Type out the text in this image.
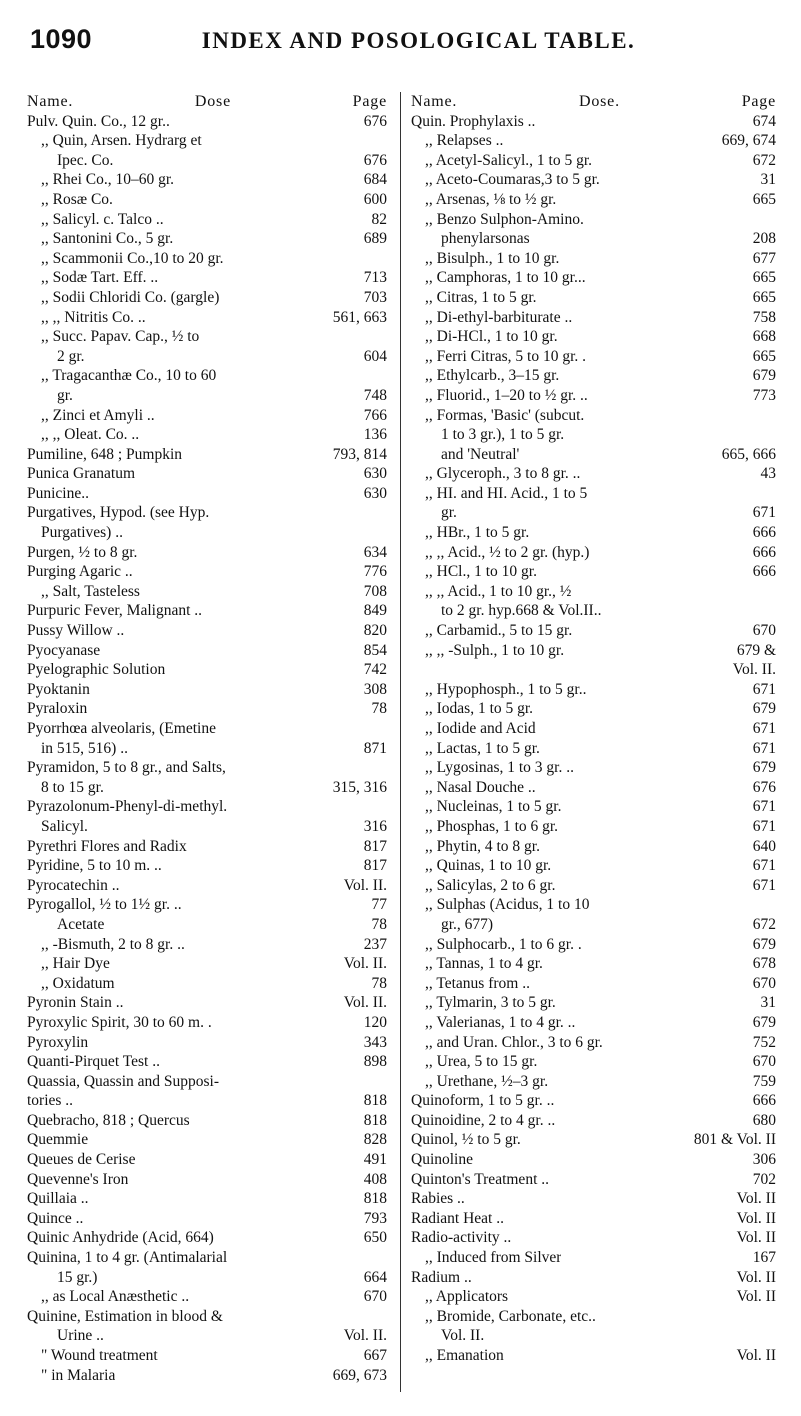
1090	INDEX AND POSOLOGICAL TABLE.
Name.	Dose	Page
Pulv. Quin. Co., 12 gr..	676
,, Quin, Arsen. Hydrarg et
Ipec. Co.	676
,, Rhei Co., 10–60 gr.	684
,, Rosæ Co.	600
,, Salicyl. c. Talco ..	82
,, Santonini Co., 5 gr.	689
,, Scammonii Co.,10 to 20 gr.
,, Sodæ Tart. Eff. ..	713
,, Sodii Chloridi Co. (gargle)	703
,, ,, Nitritis Co. ..	561, 663
,, Succ. Papav. Cap., ½ to
2 gr.	604
,, Tragacanthæ Co., 10 to 60
gr.	748
,, Zinci et Amyli ..	766
,, ,, Oleat. Co. ..	136
Pumiline, 648 ; Pumpkin	793, 814
Punica Granatum	630
Punicine..	630
Purgatives, Hypod. (see Hyp.
Purgatives) ..
Purgen, ½ to 8 gr.	634
Purging Agaric ..	776
,, Salt, Tasteless	708
Purpuric Fever, Malignant ..	849
Pussy Willow ..	820
Pyocyanase	854
Pyelographic Solution	742
Pyoktanin	308
Pyraloxin	78
Pyorrhœa alveolaris, (Emetine
in 515, 516) ..	871
Pyramidon, 5 to 8 gr., and Salts,
8 to 15 gr.	315, 316
Pyrazolonum-Phenyl-di-methyl.
Salicyl.	316
Pyrethri Flores and Radix	817
Pyridine, 5 to 10 m. ..	817
Pyrocatechin ..	Vol. II.
Pyrogallol, ½ to 1½ gr. ..	77
Acetate	78
,, -Bismuth, 2 to 8 gr. ..	237
,, Hair Dye	Vol. II.
,, Oxidatum	78
Pyronin Stain ..	Vol. II.
Pyroxylic Spirit, 30 to 60 m. .	120
Pyroxylin	343
Quanti-Pirquet Test ..	898
Quassia, Quassin and Supposi-
tories ..	818
Quebracho, 818 ; Quercus	818
Quemmie	828
Queues de Cerise	491
Quevenne's Iron	408
Quillaia ..	818
Quince ..	793
Quinic Anhydride (Acid, 664)	650
Quinina, 1 to 4 gr. (Antimalarial
15 gr.)	664
,, as Local Anæsthetic ..	670
Quinine, Estimation in blood &
Urine ..	Vol. II.
" Wound treatment	667
" in Malaria	669, 673
Name.	Dose.	Page
Quin. Prophylaxis ..	674
,, Relapses ..	669, 674
,, Acetyl-Salicyl., 1 to 5 gr.	672
,, Aceto-Coumaras,3 to 5 gr.	31
,, Arsenas, ⅛ to ½ gr.	665
,, Benzo Sulphon-Amino.
phenylarsonas	208
,, Bisulph., 1 to 10 gr.	677
,, Camphoras, 1 to 10 gr...	665
,, Citras, 1 to 5 gr.	665
,, Di-ethyl-barbiturate ..	758
,, Di-HCl., 1 to 10 gr.	668
,, Ferri Citras, 5 to 10 gr. .	665
,, Ethylcarb., 3–15 gr.	679
,, Fluorid., 1–20 to ½ gr. ..	773
,, Formas, 'Basic' (subcut.
1 to 3 gr.), 1 to 5 gr.
and 'Neutral'	665, 666
,, Glyceroph., 3 to 8 gr. ..	43
,, HI. and HI. Acid., 1 to 5
gr.	671
,, HBr., 1 to 5 gr.	666
,, ,, Acid., ½ to 2 gr. (hyp.)	666
,, HCl., 1 to 10 gr.	666
,, ,, Acid., 1 to 10 gr., ½
to 2 gr. hyp.668 & Vol.II..
,, Carbamid., 5 to 15 gr.	670
,, ,, -Sulph., 1 to 10 gr.	679 &
Vol. II.
,, Hypophosph., 1 to 5 gr..	671
,, Iodas, 1 to 5 gr.	679
,, Iodide and Acid	671
,, Lactas, 1 to 5 gr.	671
,, Lygosinas, 1 to 3 gr. ..	679
,, Nasal Douche ..	676
,, Nucleinas, 1 to 5 gr.	671
,, Phosphas, 1 to 6 gr.	671
,, Phytin, 4 to 8 gr.	640
,, Quinas, 1 to 10 gr.	671
,, Salicylas, 2 to 6 gr.	671
,, Sulphas (Acidus, 1 to 10
gr., 677)	672
,, Sulphocarb., 1 to 6 gr. .	679
,, Tannas, 1 to 4 gr.	678
,, Tetanus from ..	670
,, Tylmarin, 3 to 5 gr.	31
,, Valerianas, 1 to 4 gr. ..	679
,, and Uran. Chlor., 3 to 6 gr.	752
,, Urea, 5 to 15 gr.	670
,, Urethane, ½–3 gr.	759
Quinoform, 1 to 5 gr. ..	666
Quinoidine, 2 to 4 gr. ..	680
Quinol, ½ to 5 gr.	801 & Vol. II
Quinoline	306
Quinton's Treatment ..	702
Rabies ..	Vol. II
Radiant Heat ..	Vol. II
Radio-activity ..	Vol. II
,, Induced from Silver	167
Radium ..	Vol. II
,, Applicators	Vol. II
,, Bromide, Carbonate, etc..
Vol. II.
,, Emanation	Vol. II
